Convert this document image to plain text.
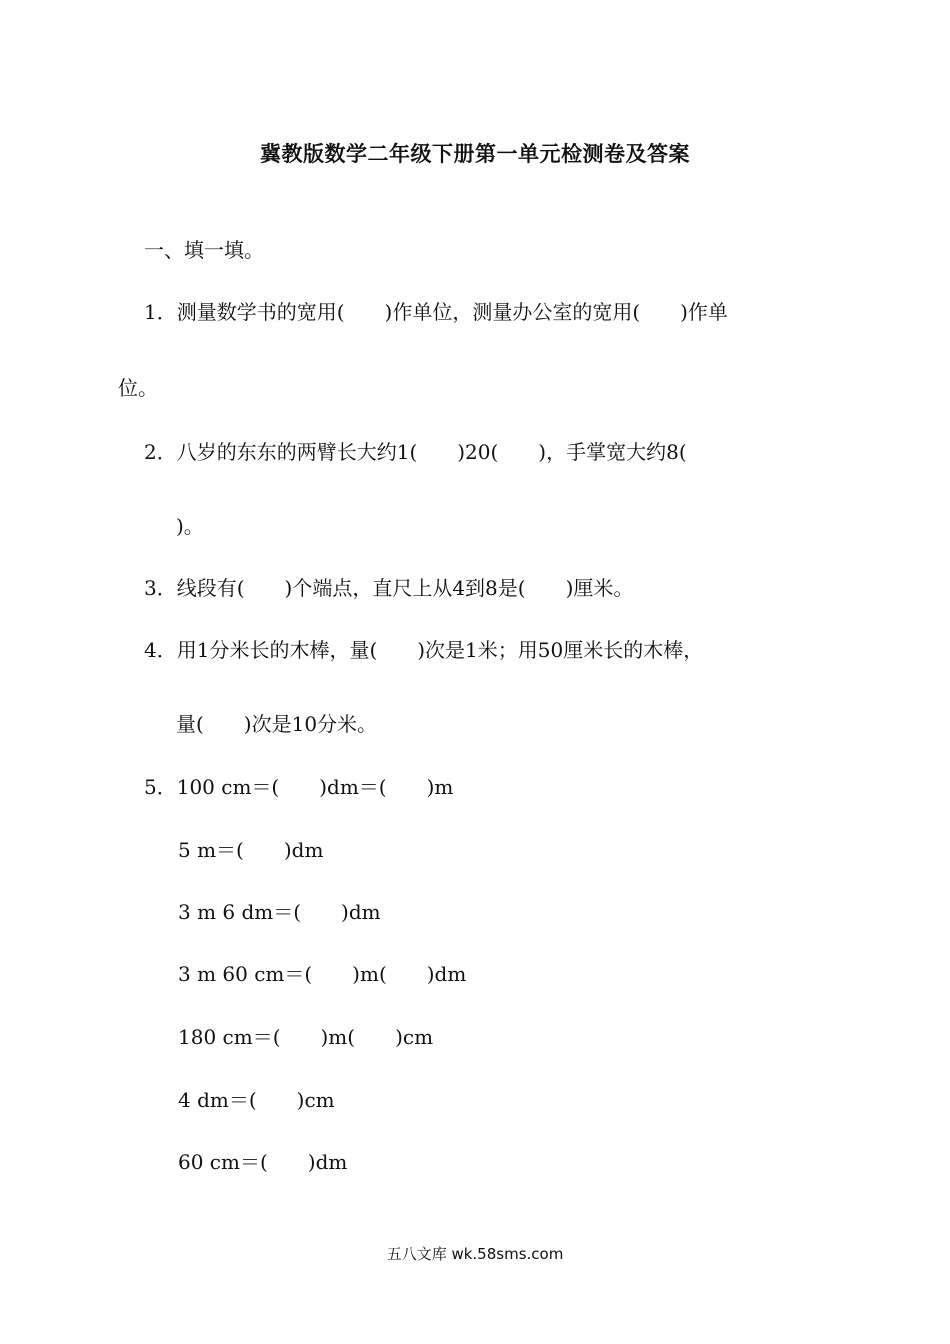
冀教版数学二年级下册第一单元检测卷及答案
一、填一填。
1．测量数学书的宽用(　　)作单位，测量办公室的宽用(　　)作单
位。
2．八岁的东东的两臂长大约1(　　)20(　　)，手掌宽大约8(
)。
3．线段有(　　)个端点，直尺上从4到8是(　　)厘米。
4．用1分米长的木棒，量(　　)次是1米；用50厘米长的木棒，
量(　　)次是10分米。
5．100 cm＝(　　)dm＝(　　)m
5 m＝(　　)dm
3 m 6 dm＝(　　)dm
3 m 60 cm＝(　　)m(　　)dm
180 cm＝(　　)m(　　)cm
4 dm＝(　　)cm
60 cm＝(　　)dm
五八文库 wk.58sms.com
